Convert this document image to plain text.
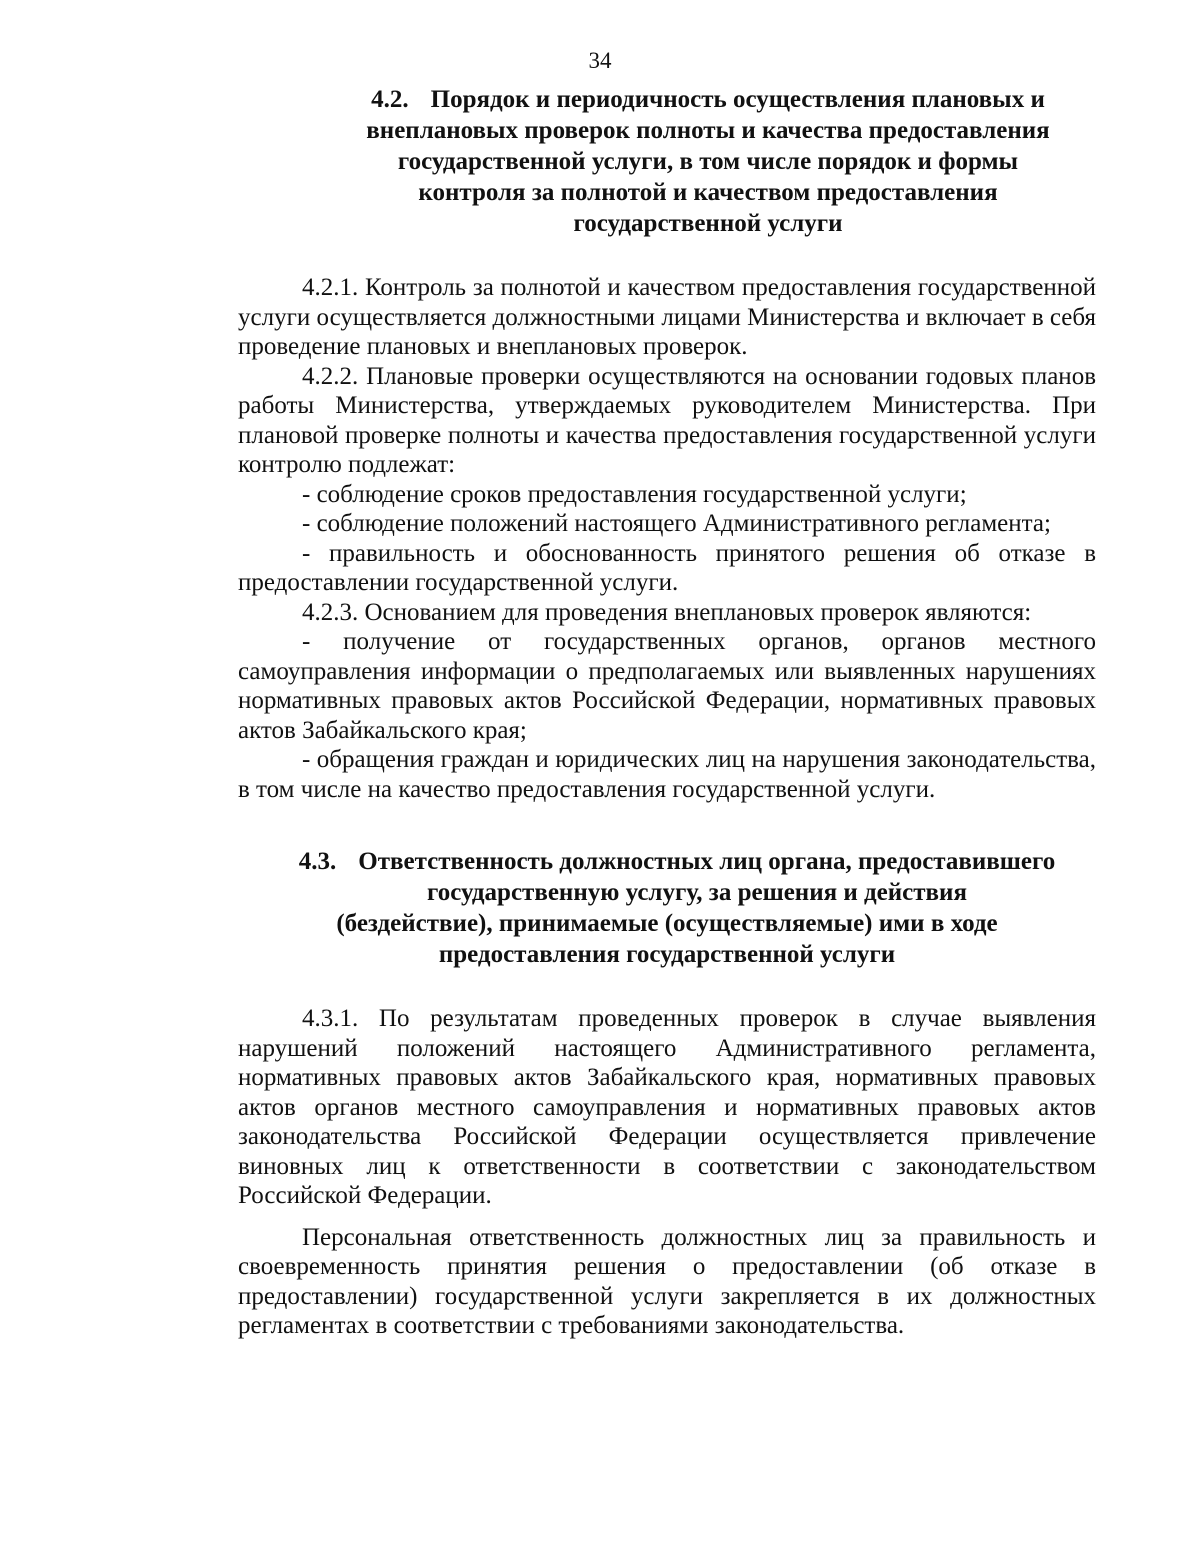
34
4.2. Порядок и периодичность осуществления плановых и
внеплановых проверок полноты и качества предоставления
государственной услуги, в том числе порядок и формы
контроля за полнотой и качеством предоставления
государственной услуги

4.2.1. Контроль за полнотой и качеством предоставления государственной услуги осуществляется должностными лицами Министерства и включает в себя проведение плановых и внеплановых проверок.

4.2.2. Плановые проверки осуществляются на основании годовых планов работы Министерства, утверждаемых руководителем Министерства. При плановой проверке полноты и качества предоставления государственной услуги контролю подлежат:

- соблюдение сроков предоставления государственной услуги;

- соблюдение положений настоящего Административного регламента;

- правильность и обоснованность принятого решения об отказе в предоставлении государственной услуги.

4.2.3. Основанием для проведения внеплановых проверок являются:

- получение от государственных органов, органов местного самоуправления информации о предполагаемых или выявленных нарушениях нормативных правовых актов Российской Федерации, нормативных правовых актов Забайкальского края;

- обращения граждан и юридических лиц на нарушения законодательства, в том числе на качество предоставления государственной услуги.

4.3. Ответственность должностных лиц органа, предоставившего
государственную услугу, за решения и действия
(бездействие), принимаемые (осуществляемые) ими в ходе
предоставления государственной услуги

4.3.1. По результатам проведенных проверок в случае выявления нарушений положений настоящего Административного регламента, нормативных правовых актов Забайкальского края, нормативных правовых актов органов местного самоуправления и нормативных правовых актов законодательства Российской Федерации осуществляется привлечение виновных лиц к ответственности в соответствии с законодательством Российской Федерации.

Персональная ответственность должностных лиц за правильность и своевременность принятия решения о предоставлении (об отказе в предоставлении) государственной услуги закрепляется в их должностных регламентах в соответствии с требованиями законодательства.
